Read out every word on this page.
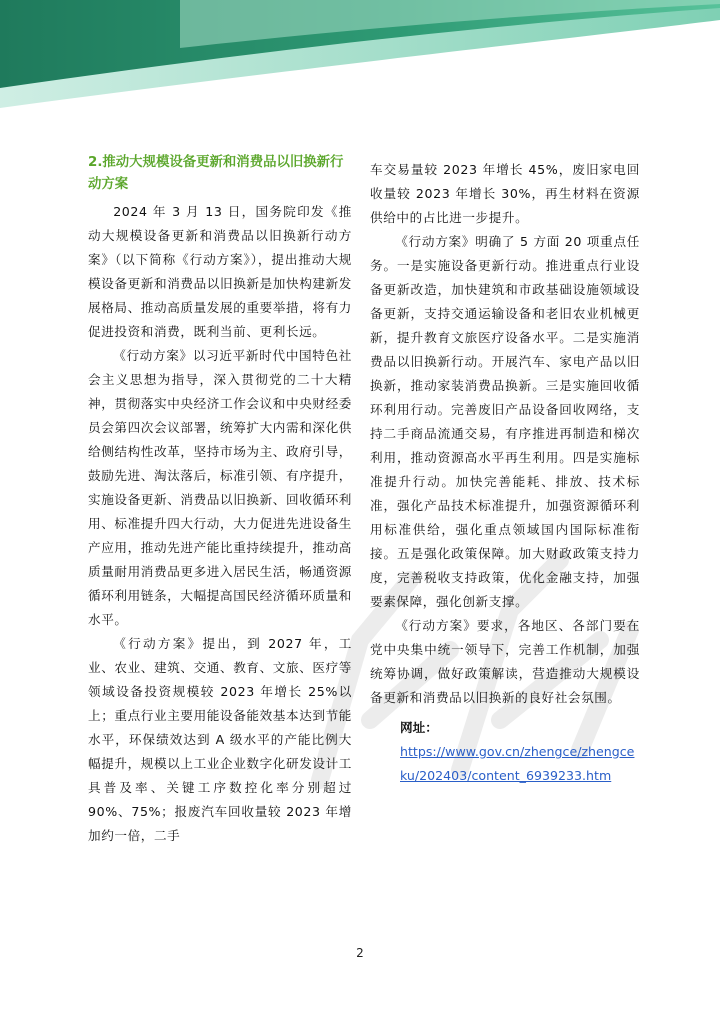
2.推动大规模设备更新和消费品以旧换新行动方案

2024 年 3 月 13 日，国务院印发《推动大规模设备更新和消费品以旧换新行动方案》（以下简称《行动方案》），提出推动大规模设备更新和消费品以旧换新是加快构建新发展格局、推动高质量发展的重要举措，将有力促进投资和消费，既利当前、更利长远。

《行动方案》以习近平新时代中国特色社会主义思想为指导，深入贯彻党的二十大精神，贯彻落实中央经济工作会议和中央财经委员会第四次会议部署，统筹扩大内需和深化供给侧结构性改革，坚持市场为主、政府引导，鼓励先进、淘汰落后，标准引领、有序提升，实施设备更新、消费品以旧换新、回收循环利用、标准提升四大行动，大力促进先进设备生产应用，推动先进产能比重持续提升，推动高质量耐用消费品更多进入居民生活，畅通资源循环利用链条，大幅提高国民经济循环质量和水平。

《行动方案》提出，到 2027 年，工业、农业、建筑、交通、教育、文旅、医疗等领域设备投资规模较 2023 年增长 25%以上；重点行业主要用能设备能效基本达到节能水平，环保绩效达到 A 级水平的产能比例大幅提升，规模以上工业企业数字化研发设计工具普及率、关键工序数控化率分别超过 90%、75%；报废汽车回收量较 2023 年增加约一倍，二手

车交易量较 2023 年增长 45%，废旧家电回收量较 2023 年增长 30%，再生材料在资源供给中的占比进一步提升。

《行动方案》明确了 5 方面 20 项重点任务。一是实施设备更新行动。推进重点行业设备更新改造，加快建筑和市政基础设施领域设备更新，支持交通运输设备和老旧农业机械更新，提升教育文旅医疗设备水平。二是实施消费品以旧换新行动。开展汽车、家电产品以旧换新，推动家装消费品换新。三是实施回收循环利用行动。完善废旧产品设备回收网络，支持二手商品流通交易，有序推进再制造和梯次利用，推动资源高水平再生利用。四是实施标准提升行动。加快完善能耗、排放、技术标准，强化产品技术标准提升，加强资源循环利用标准供给，强化重点领域国内国际标准衔接。五是强化政策保障。加大财政政策支持力度，完善税收支持政策，优化金融支持，加强要素保障，强化创新支撑。

《行动方案》要求，各地区、各部门要在党中央集中统一领导下，完善工作机制，加强统筹协调，做好政策解读，营造推动大规模设备更新和消费品以旧换新的良好社会氛围。

网址：
https://www.gov.cn/zhengce/zhengceku/202403/content_6939233.htm
2
